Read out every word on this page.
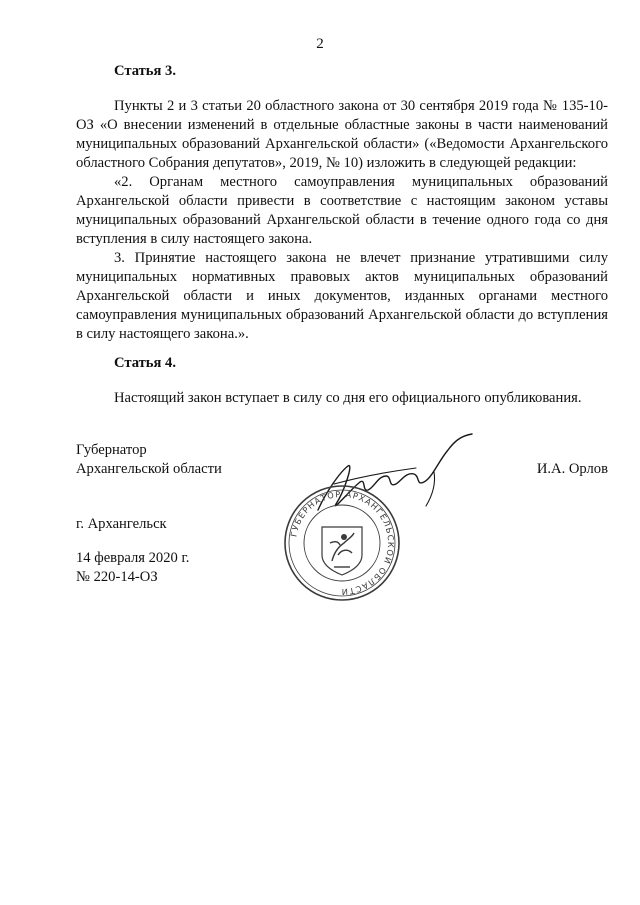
2
Статья 3.

Пункты 2 и 3 статьи 20 областного закона от 30 сентября 2019 года № 135-10-ОЗ «О внесении изменений в отдельные областные законы в части наименований муниципальных образований Архангельской области» («Ведомости Архангельского областного Собрания депутатов», 2019, № 10) изложить в следующей редакции:

«2. Органам местного самоуправления муниципальных образований Архангельской области привести в соответствие с настоящим законом уставы муниципальных образований Архангельской области в течение одного года со дня вступления в силу настоящего закона.

3. Принятие настоящего закона не влечет признание утратившими силу муниципальных нормативных правовых актов муниципальных образований Архангельской области и иных документов, изданных органами местного самоуправления муниципальных образований Архангельской области до вступления в силу настоящего закона.».

Статья 4.

Настоящий закон вступает в силу со дня его официального опубликования.

Губернатор
Архангельской области	И.А. Орлов
ГУБЕРНАТОР АРХАНГЕЛЬСКОЙ ОБЛАСТИ
г. Архангельск
14 февраля 2020 г.
№ 220-14-ОЗ
